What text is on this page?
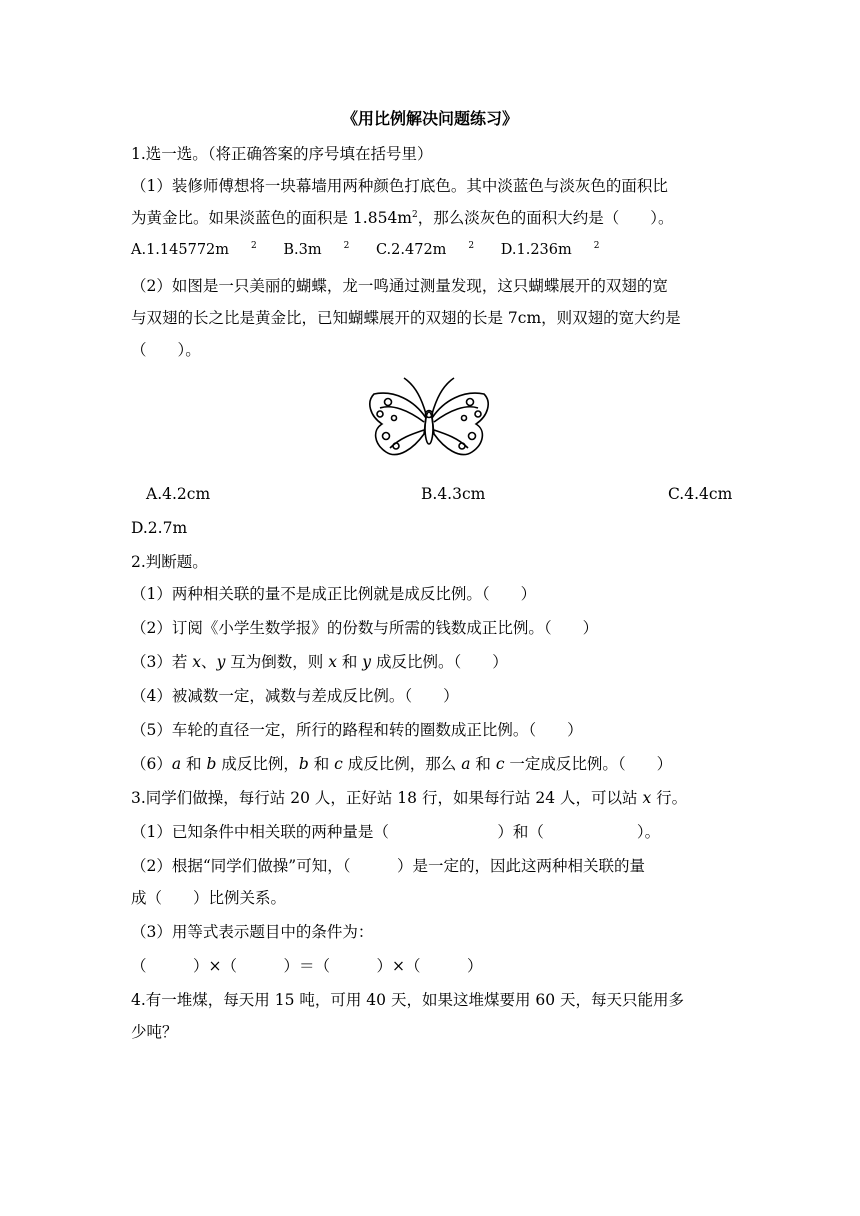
《用比例解决问题练习》
1.选一选。（将正确答案的序号填在括号里）
（1）装修师傅想将一块幕墙用两种颜色打底色。其中淡蓝色与淡灰色的面积比
为黄金比。如果淡蓝色的面积是 $1.854m^2$，那么淡灰色的面积大约是（　　）。
A.1.145772m $^2$ B.3m $^2$ C.2.472m $^2$ D.1.236m $^2$
（2）如图是一只美丽的蝴蝶，龙一鸣通过测量发现，这只蝴蝶展开的双翅的宽
与双翅的长之比是黄金比，已知蝴蝶展开的双翅的长是 7cm，则双翅的宽大约是
（　　）。
A.4.2cm	B.4.3cm	C.4.4cm
D.2.7m
2.判断题。
（1）两种相关联的量不是成正比例就是成反比例。（　　）
（2）订阅《小学生数学报》的份数与所需的钱数成正比例。（　　）
（3）若 x、y 互为倒数，则 x 和 y 成反比例。（　　）
（4）被减数一定，减数与差成反比例。（　　）
（5）车轮的直径一定，所行的路程和转的圈数成正比例。（　　）
（6）a 和 b 成反比例，b 和 c 成反比例，那么 a 和 c 一定成反比例。（　　）
3.同学们做操，每行站 20 人，正好站 18 行，如果每行站 24 人，可以站 x 行。
（1）已知条件中相关联的两种量是（　　　　　　　）和（　　　　　　）。
（2）根据“同学们做操”可知，（　　　）是一定的，因此这两种相关联的量
成（　　）比例关系。
（3）用等式表示题目中的条件为：
（　　　）×（　　　）＝（　　　）×（　　　）
4.有一堆煤，每天用 15 吨，可用 40 天，如果这堆煤要用 60 天，每天只能用多
少吨？
